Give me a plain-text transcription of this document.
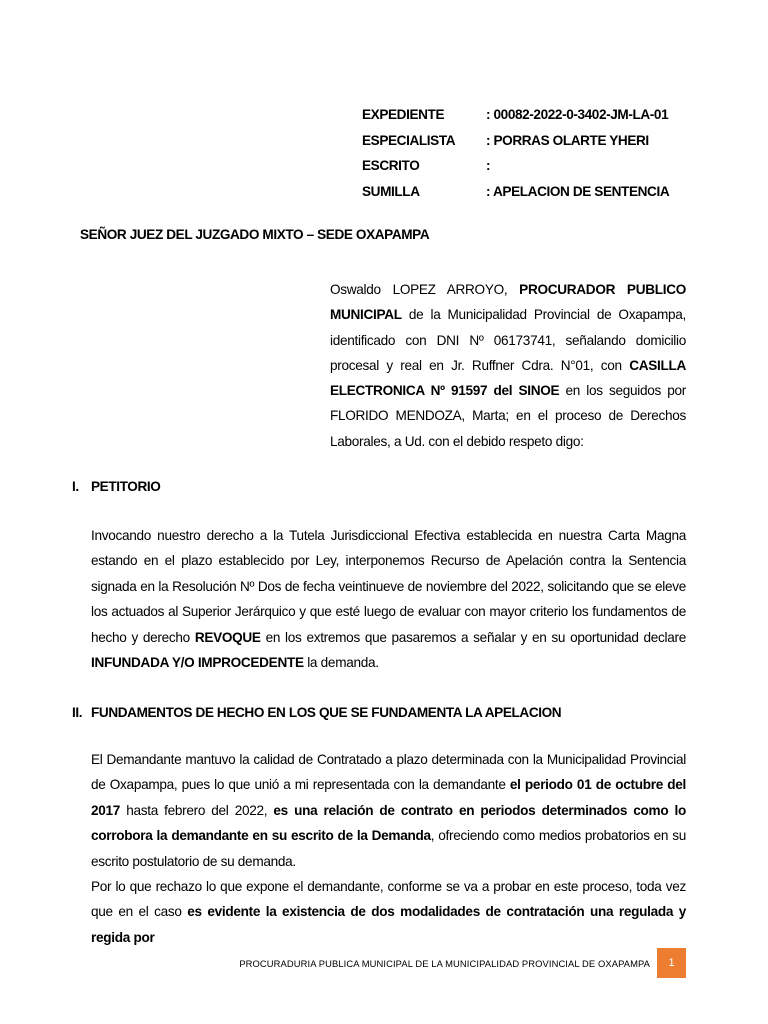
EXPEDIENTE	: 00082-2022-0-3402-JM-LA-01
ESPECIALISTA	: PORRAS OLARTE YHERI
ESCRITO	:
SUMILLA	: APELACION DE SENTENCIA
SEÑOR JUEZ DEL JUZGADO MIXTO – SEDE OXAPAMPA
Oswaldo LOPEZ ARROYO, PROCURADOR PUBLICO MUNICIPAL de la Municipalidad Provincial de Oxapampa, identificado con DNI Nº 06173741, señalando domicilio procesal y real en Jr. Ruffner Cdra. N°01, con CASILLA ELECTRONICA Nº 91597 del SINOE en los seguidos por FLORIDO MENDOZA, Marta; en el proceso de Derechos Laborales, a Ud. con el debido respeto digo:
I. PETITORIO
Invocando nuestro derecho a la Tutela Jurisdiccional Efectiva establecida en nuestra Carta Magna estando en el plazo establecido por Ley, interponemos Recurso de Apelación contra la Sentencia signada en la Resolución Nº Dos de fecha veintinueve de noviembre del 2022, solicitando que se eleve los actuados al Superior Jerárquico y que esté luego de evaluar con mayor criterio los fundamentos de hecho y derecho REVOQUE en los extremos que pasaremos a señalar y en su oportunidad declare INFUNDADA Y/O IMPROCEDENTE la demanda.
II. FUNDAMENTOS DE HECHO EN LOS QUE SE FUNDAMENTA LA APELACION
El Demandante mantuvo la calidad de Contratado a plazo determinada con la Municipalidad Provincial de Oxapampa, pues lo que unió a mi representada con la demandante el periodo 01 de octubre del 2017 hasta febrero del 2022, es una relación de contrato en periodos determinados como lo corrobora la demandante en su escrito de la Demanda, ofreciendo como medios probatorios en su escrito postulatorio de su demanda.
Por lo que rechazo lo que expone el demandante, conforme se va a probar en este proceso, toda vez que en el caso es evidente la existencia de dos modalidades de contratación una regulada y regida por
PROCURADURIA PUBLICA MUNICIPAL DE LA MUNICIPALIDAD PROVINCIAL DE OXAPAMPA	1
